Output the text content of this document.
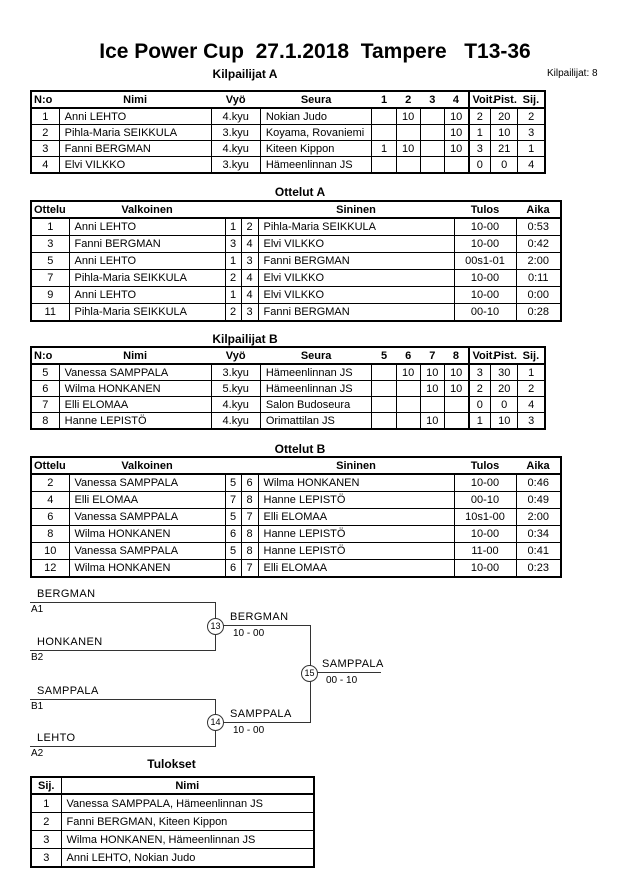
Ice Power Cup  27.1.2018  Tampere   T13-36
Kilpailijat: 8
Kilpailijat A
N:o	Nimi	Vyö	Seura	1	2	3	4	Voit.	Pist.	Sij.
1	Anni LEHTO	4.kyu	Nokian Judo		10		10	2	20	2
2	Pihla-Maria SEIKKULA	3.kyu	Koyama, Rovaniemi				10	1	10	3
3	Fanni BERGMAN	4.kyu	Kiteen Kippon	1	10		10	3	21	1
4	Elvi VILKKO	3.kyu	Hämeenlinnan JS					0	0	4
Ottelut A
Ottelu	Valkoinen			Sininen	Tulos	Aika
1	Anni LEHTO	1	2	Pihla-Maria SEIKKULA	10-00	0:53
3	Fanni BERGMAN	3	4	Elvi VILKKO	10-00	0:42
5	Anni LEHTO	1	3	Fanni BERGMAN	00s1-01	2:00
7	Pihla-Maria SEIKKULA	2	4	Elvi VILKKO	10-00	0:11
9	Anni LEHTO	1	4	Elvi VILKKO	10-00	0:00
11	Pihla-Maria SEIKKULA	2	3	Fanni BERGMAN	00-10	0:28
Kilpailijat B
N:o	Nimi	Vyö	Seura	5	6	7	8	Voit.	Pist.	Sij.
5	Vanessa SAMPPALA	3.kyu	Hämeenlinnan JS		10	10	10	3	30	1
6	Wilma HONKANEN	5.kyu	Hämeenlinnan JS			10	10	2	20	2
7	Elli ELOMAA	4.kyu	Salon Budoseura					0	0	4
8	Hanne LEPISTÖ	4.kyu	Orimattilan JS			10		1	10	3
Ottelut B
Ottelu	Valkoinen			Sininen	Tulos	Aika
2	Vanessa SAMPPALA	5	6	Wilma HONKANEN	10-00	0:46
4	Elli ELOMAA	7	8	Hanne LEPISTÖ	00-10	0:49
6	Vanessa SAMPPALA	5	7	Elli ELOMAA	10s1-00	2:00
8	Wilma HONKANEN	6	8	Hanne LEPISTÖ	10-00	0:34
10	Vanessa SAMPPALA	5	8	Hanne LEPISTÖ	11-00	0:41
12	Wilma HONKANEN	6	7	Elli ELOMAA	10-00	0:23
BERGMAN
A1
HONKANEN
B2
13
BERGMAN
10 - 00
SAMPPALA
B1
LEHTO
A2
14
SAMPPALA
10 - 00
15
SAMPPALA
00 - 10
Tulokset
Sij.	Nimi
1	Vanessa SAMPPALA, Hämeenlinnan JS
2	Fanni BERGMAN, Kiteen Kippon
3	Wilma HONKANEN, Hämeenlinnan JS
3	Anni LEHTO, Nokian Judo
